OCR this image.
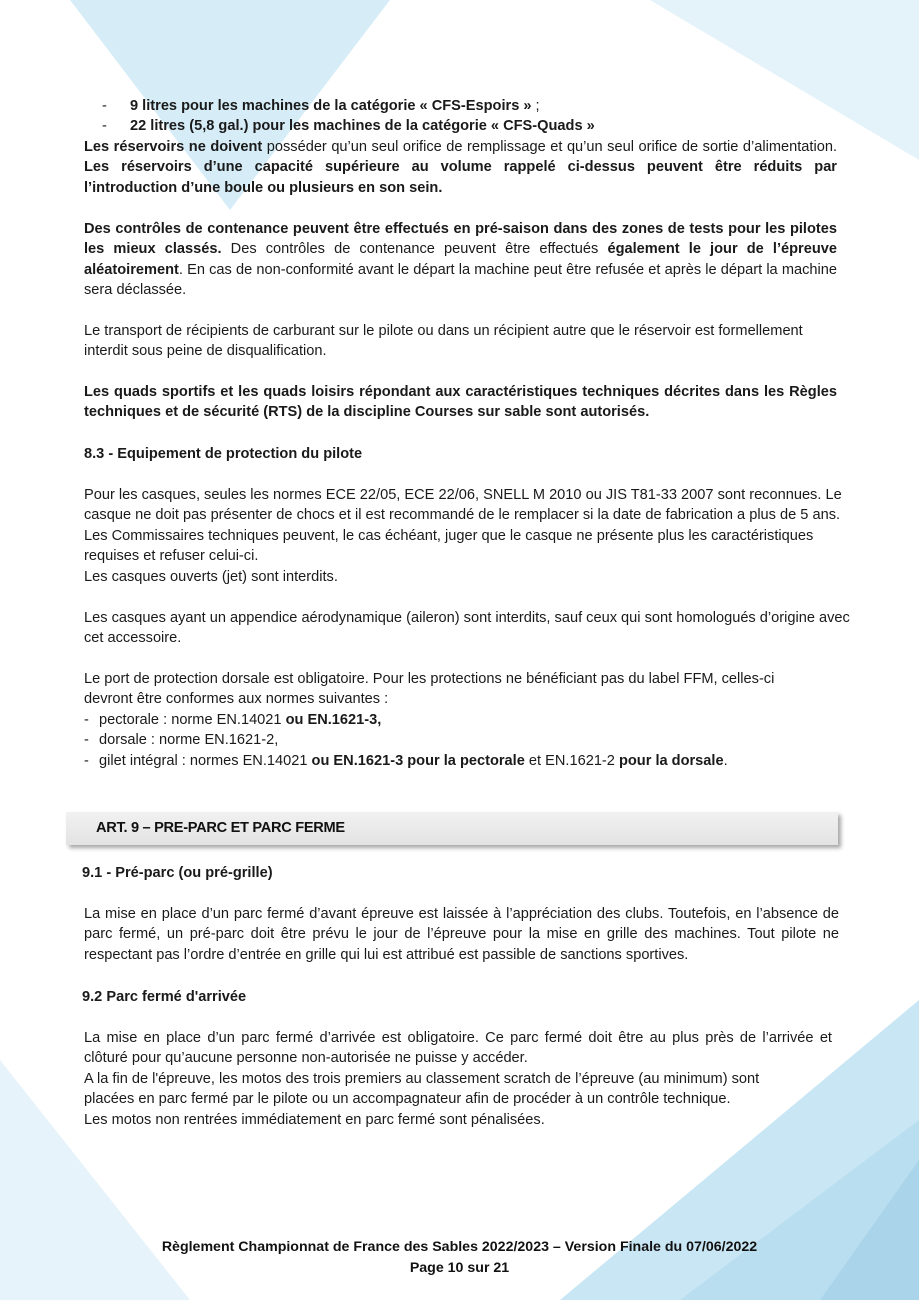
- 9 litres pour les machines de la catégorie « CFS-Espoirs » ;
- 22 litres (5,8 gal.) pour les machines de la catégorie « CFS-Quads »

Les réservoirs ne doivent posséder qu’un seul orifice de remplissage et qu’un seul orifice de sortie d’alimentation. Les réservoirs d’une capacité supérieure au volume rappelé ci-dessus peuvent être réduits par l’introduction d’une boule ou plusieurs en son sein.

Des contrôles de contenance peuvent être effectués en pré-saison dans des zones de tests pour les pilotes les mieux classés. Des contrôles de contenance peuvent être effectués également le jour de l’épreuve aléatoirement. En cas de non-conformité avant le départ la machine peut être refusée et après le départ la machine sera déclassée.

Le transport de récipients de carburant sur le pilote ou dans un récipient autre que le réservoir est formellement interdit sous peine de disqualification.

Les quads sportifs et les quads loisirs répondant aux caractéristiques techniques décrites dans les Règles techniques et de sécurité (RTS) de la discipline Courses sur sable sont autorisés.

8.3 - Equipement de protection du pilote

Pour les casques, seules les normes ECE 22/05, ECE 22/06, SNELL M 2010 ou JIS T81-33 2007 sont reconnues. Le casque ne doit pas présenter de chocs et il est recommandé de le remplacer si la date de fabrication a plus de 5 ans. Les Commissaires techniques peuvent, le cas échéant, juger que le casque ne présente plus les caractéristiques requises et refuser celui-ci.

Les casques ouverts (jet) sont interdits.

Les casques ayant un appendice aérodynamique (aileron) sont interdits, sauf ceux qui sont homologués d’origine avec cet accessoire.

Le port de protection dorsale est obligatoire. Pour les protections ne bénéficiant pas du label FFM, celles-ci devront être conformes aux normes suivantes :

- pectorale : norme EN.14021 ou EN.1621-3,
- dorsale : norme EN.1621-2,
- gilet intégral : normes EN.14021 ou EN.1621-3 pour la pectorale et EN.1621-2 pour la dorsale.
ART. 9 – PRE-PARC ET PARC FERME
9.1 - Pré-parc (ou pré-grille)

La mise en place d’un parc fermé d’avant épreuve est laissée à l’appréciation des clubs. Toutefois, en l’absence de parc fermé, un pré-parc doit être prévu le jour de l’épreuve pour la mise en grille des machines. Tout pilote ne respectant pas l’ordre d’entrée en grille qui lui est attribué est passible de sanctions sportives.

9.2 Parc fermé d'arrivée

La mise en place d’un parc fermé d’arrivée est obligatoire. Ce parc fermé doit être au plus près de l’arrivée et clôturé pour qu’aucune personne non-autorisée ne puisse y accéder.

A la fin de l'épreuve, les motos des trois premiers au classement scratch de l’épreuve (au minimum) sont placées en parc fermé par le pilote ou un accompagnateur afin de procéder à un contrôle technique.

Les motos non rentrées immédiatement en parc fermé sont pénalisées.
Règlement Championnat de France des Sables 2022/2023 – Version Finale du 07/06/2022
Page 10 sur 21
